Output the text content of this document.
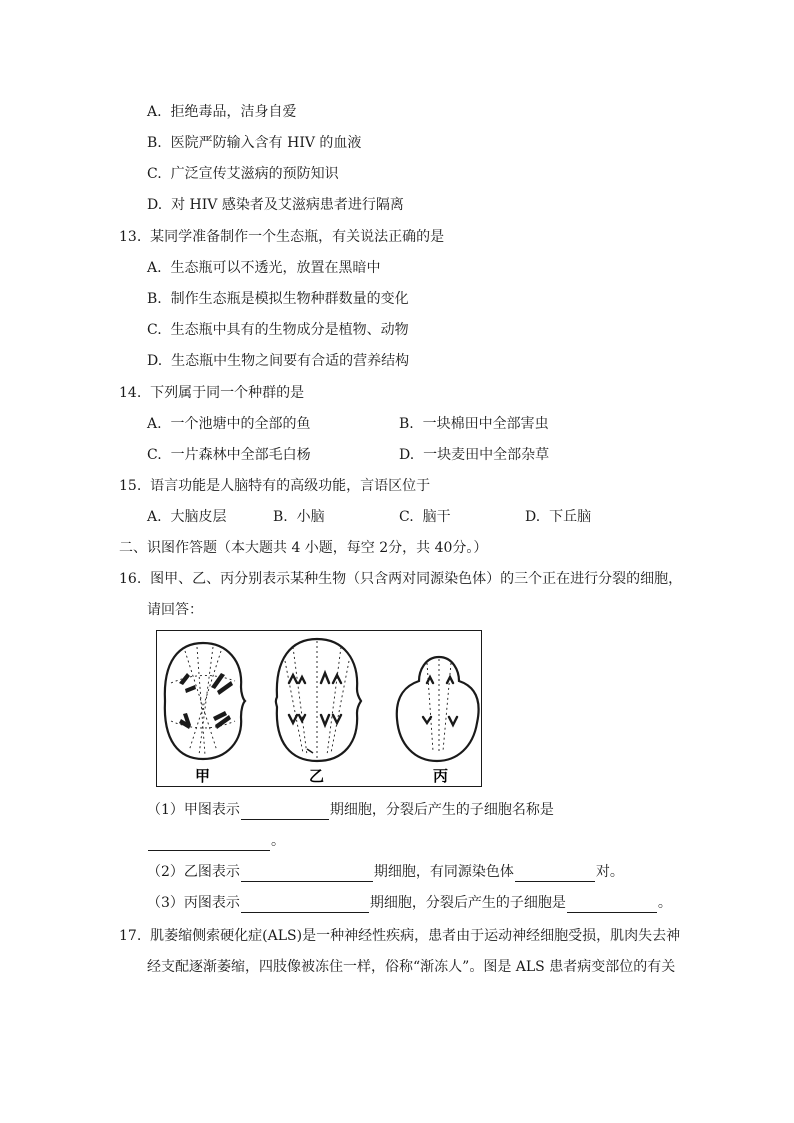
A. 拒绝毒品，洁身自爱
B. 医院严防输入含有 HIV 的血液
C. 广泛宣传艾滋病的预防知识
D. 对 HIV 感染者及艾滋病患者进行隔离
13. 某同学准备制作一个生态瓶，有关说法正确的是
A. 生态瓶可以不透光，放置在黑暗中
B. 制作生态瓶是模拟生物种群数量的变化
C. 生态瓶中具有的生物成分是植物、动物
D. 生态瓶中生物之间要有合适的营养结构
14. 下列属于同一个种群的是
A. 一个池塘中的全部的鱼	B. 一块棉田中全部害虫
C. 一片森林中全部毛白杨	D. 一块麦田中全部杂草
15. 语言功能是人脑特有的高级功能，言语区位于
A. 大脑皮层	B. 小脑	C. 脑干	D. 下丘脑
二、识图作答题（本大题共 4 小题，每空 2分，共 40分。）
16. 图甲、乙、丙分别表示某种生物（只含两对同源染色体）的三个正在进行分裂的细胞，
请回答：
甲	乙	丙
（1）甲图表示	期细胞，分裂后产生的子细胞名称是
。
（2）乙图表示	期细胞，有同源染色体	对。
（3）丙图表示	期细胞，分裂后产生的子细胞是	。
17. 肌萎缩侧索硬化症(ALS)是一种神经性疾病，患者由于运动神经细胞受损，肌肉失去神
经支配逐渐萎缩，四肢像被冻住一样，俗称“渐冻人”。图是 ALS 患者病变部位的有关
